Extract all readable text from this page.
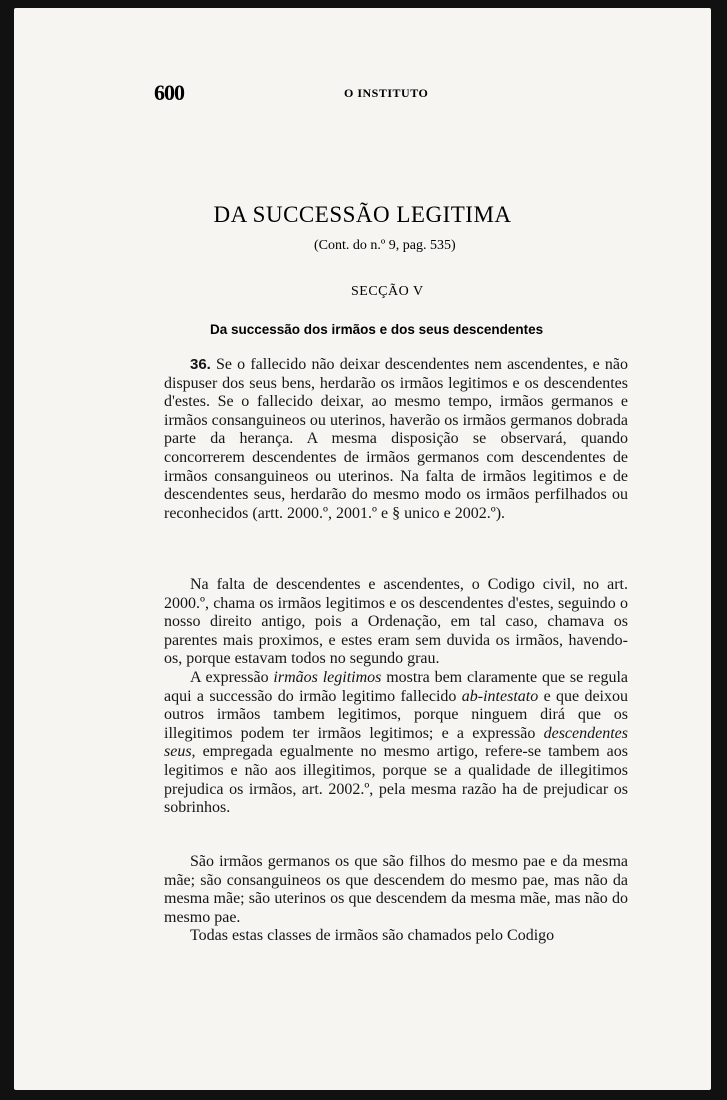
600	O INSTITUTO
DA SUCCESSÃO LEGITIMA
(Cont. do n.º 9, pag. 535)
SECÇÃO V
Da successão dos irmãos e dos seus descendentes

36. Se o fallecido não deixar descendentes nem ascendentes, e não dispuser dos seus bens, herdarão os irmãos legitimos e os descendentes d'estes. Se o fallecido deixar, ao mesmo tempo, irmãos germanos e irmãos consanguineos ou uterinos, haverão os irmãos germanos dobrada parte da herança. A mesma disposição se observará, quando concorrerem descendentes de irmãos germanos com descendentes de irmãos consanguineos ou uterinos. Na falta de irmãos legitimos e de descendentes seus, herdarão do mesmo modo os irmãos perfilhados ou reconhecidos (artt. 2000.º, 2001.º e § unico e 2002.º).

Na falta de descendentes e ascendentes, o Codigo civil, no art. 2000.º, chama os irmãos legitimos e os descendentes d'estes, seguindo o nosso direito antigo, pois a Ordenação, em tal caso, chamava os parentes mais proximos, e estes eram sem duvida os irmãos, havendo-os, porque estavam todos no segundo grau.

A expressão irmãos legitimos mostra bem claramente que se regula aqui a successão do irmão legitimo fallecido ab-intestato e que deixou outros irmãos tambem legitimos, porque ninguem dirá que os illegitimos podem ter irmãos legitimos; e a expressão descendentes seus, empregada egualmente no mesmo artigo, refere-se tambem aos legitimos e não aos illegitimos, porque se a qualidade de illegitimos prejudica os irmãos, art. 2002.º, pela mesma razão ha de prejudicar os sobrinhos.

São irmãos germanos os que são filhos do mesmo pae e da mesma mãe; são consanguineos os que descendem do mesmo pae, mas não da mesma mãe; são uterinos os que descendem da mesma mãe, mas não do mesmo pae.

Todas estas classes de irmãos são chamados pelo Codigo
